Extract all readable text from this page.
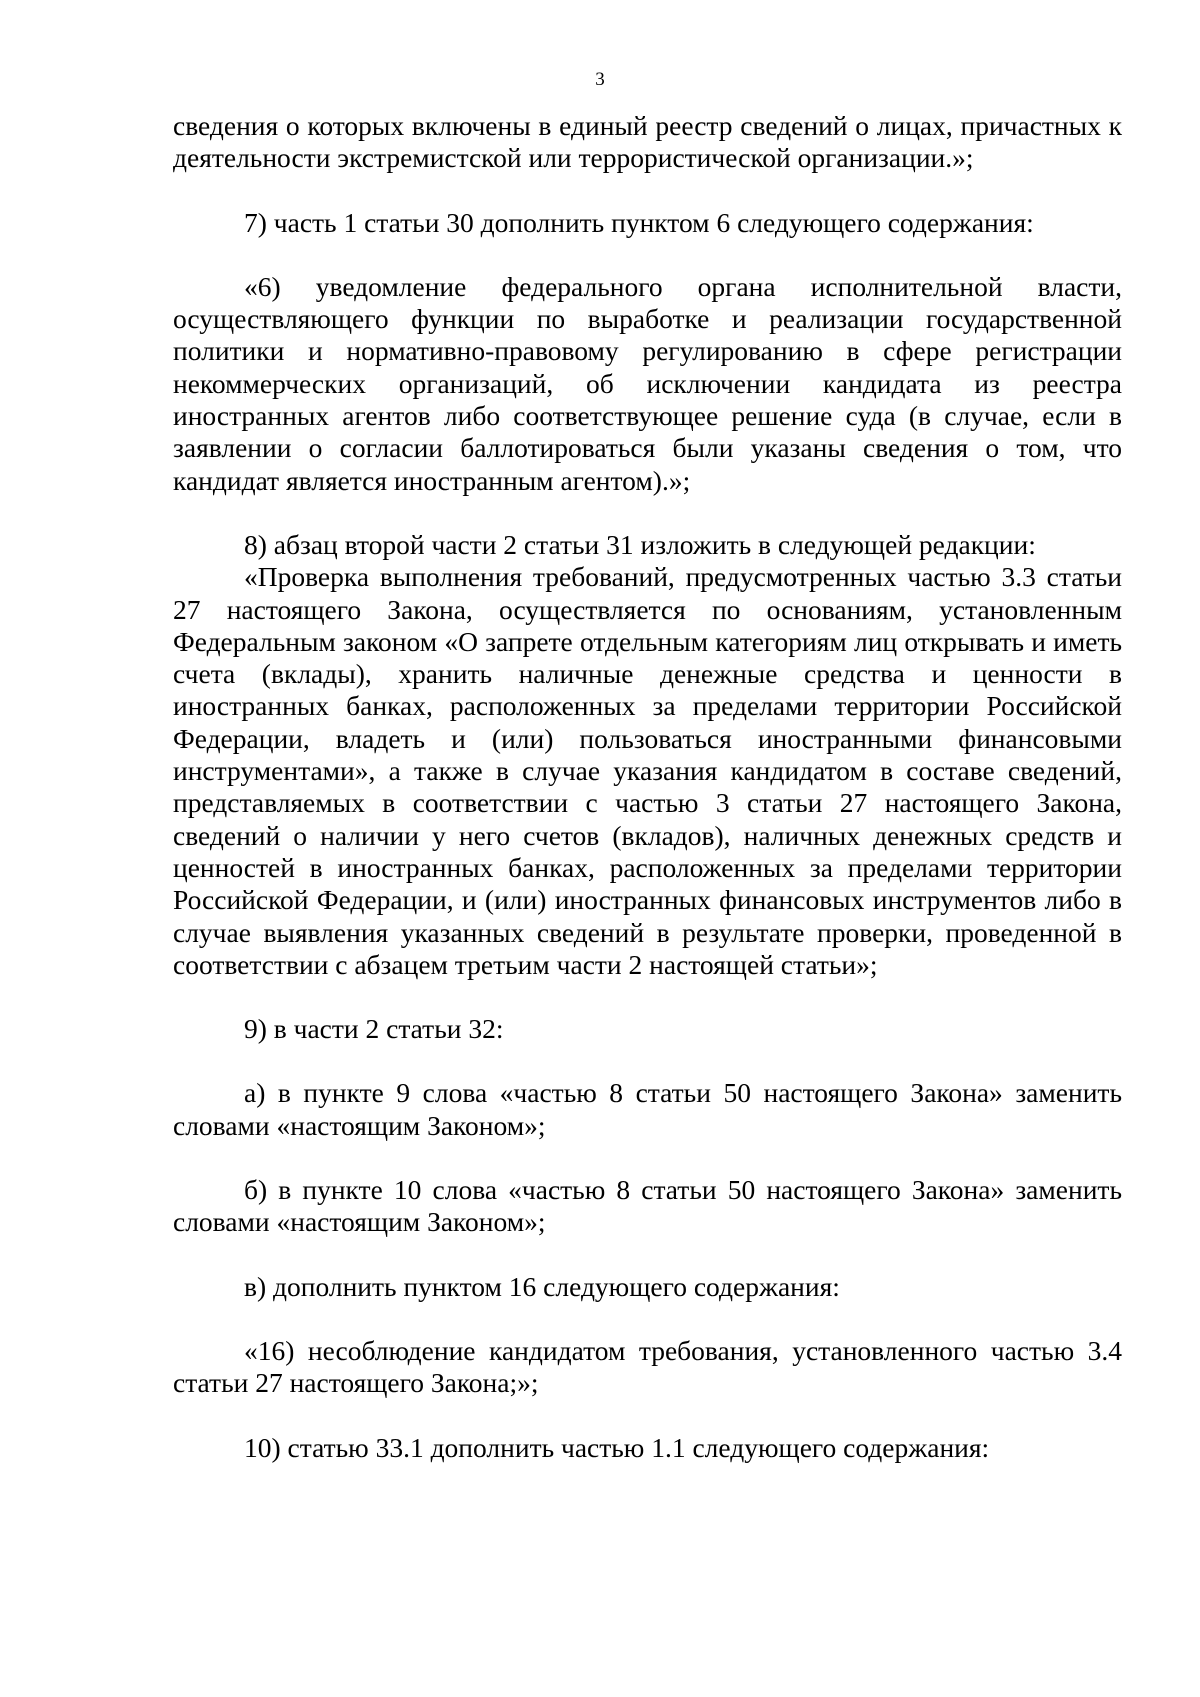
3

сведения о которых включены в единый реестр сведений о лицах, причастных к деятельности экстремистской или террористической организации.»;

7) часть 1 статьи 30 дополнить пунктом 6 следующего содержания:

«6) уведомление федерального органа исполнительной власти, осуществляющего функции по выработке и реализации государственной политики и нормативно-правовому регулированию в сфере регистрации некоммерческих организаций, об исключении кандидата из реестра иностранных агентов либо соответствующее решение суда (в случае, если в заявлении о согласии баллотироваться были указаны сведения о том, что кандидат является иностранным агентом).»;

8) абзац второй части 2 статьи 31 изложить в следующей редакции:

«Проверка выполнения требований, предусмотренных частью 3.3 статьи 27 настоящего Закона, осуществляется по основаниям, установленным Федеральным законом «О запрете отдельным категориям лиц открывать и иметь счета (вклады), хранить наличные денежные средства и ценности в иностранных банках, расположенных за пределами территории Российской Федерации, владеть и (или) пользоваться иностранными финансовыми инструментами», а также в случае указания кандидатом в составе сведений, представляемых в соответствии с частью 3 статьи 27 настоящего Закона, сведений о наличии у него счетов (вкладов), наличных денежных средств и ценностей в иностранных банках, расположенных за пределами территории Российской Федерации, и (или) иностранных финансовых инструментов либо в случае выявления указанных сведений в результате проверки, проведенной в соответствии с абзацем третьим части 2 настоящей статьи»;

9) в части 2 статьи 32:

а) в пункте 9 слова «частью 8 статьи 50 настоящего Закона» заменить словами «настоящим Законом»;

б) в пункте 10 слова «частью 8 статьи 50 настоящего Закона» заменить словами «настоящим Законом»;

в) дополнить пунктом 16 следующего содержания:

«16) несоблюдение кандидатом требования, установленного частью 3.4 статьи 27 настоящего Закона;»;

10) статью 33.1 дополнить частью 1.1 следующего содержания:
